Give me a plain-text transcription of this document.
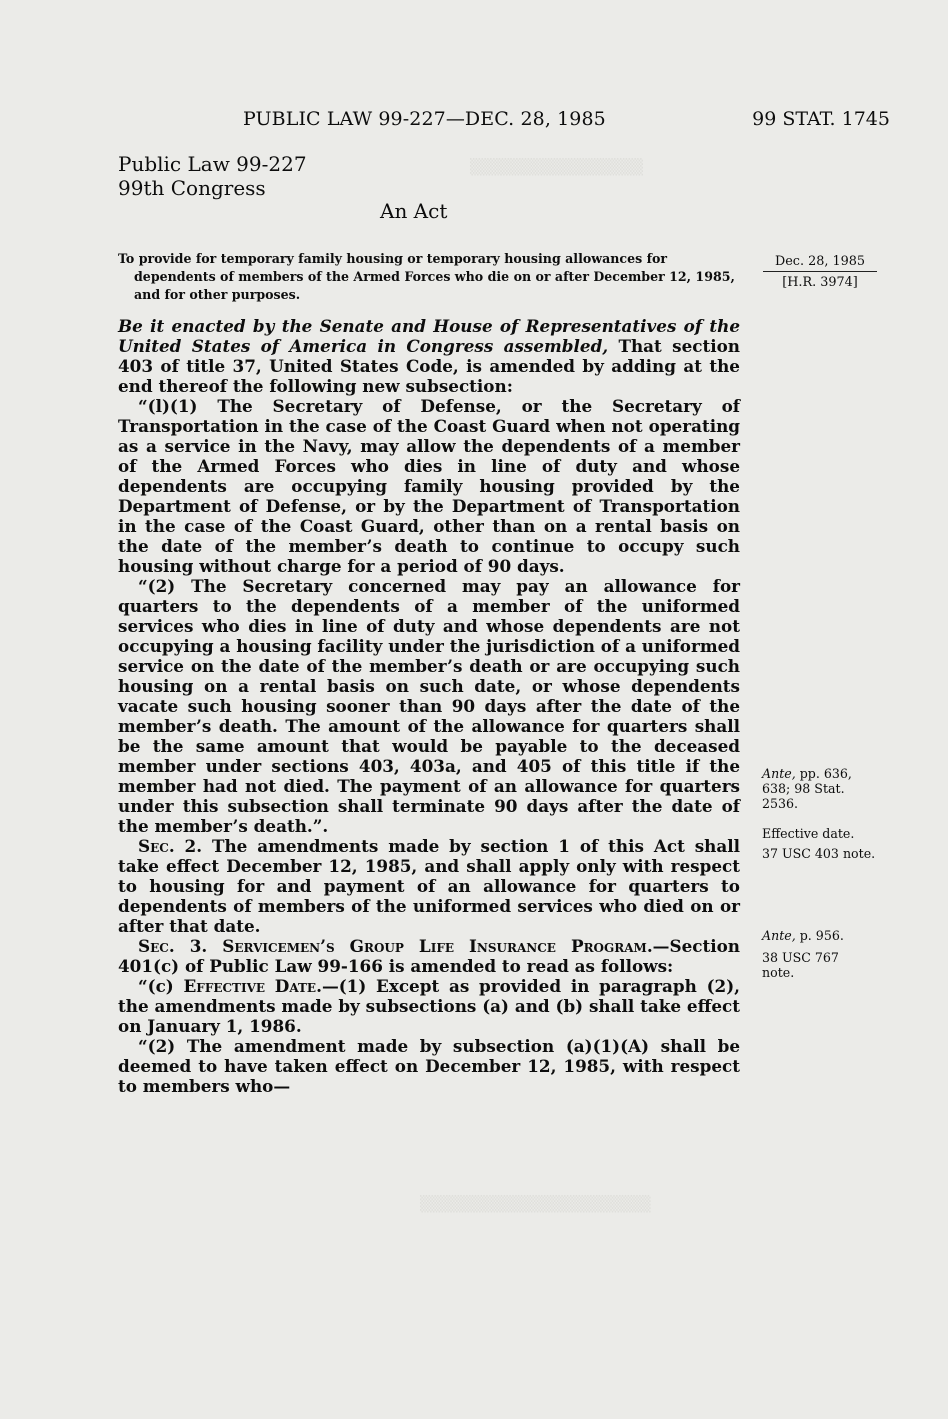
PUBLIC LAW 99-227—DEC. 28, 1985	99 STAT. 1745
Public Law 99-227
99th Congress
An Act
To provide for temporary family housing or temporary housing allowances for
dependents of members of the Armed Forces who die on or after December 12, 1985,
and for other purposes.
Dec. 28, 1985
[H.R. 3974]

Be it enacted by the Senate and House of Representatives of the United States of America in Congress assembled, That section 403 of title 37, United States Code, is amended by adding at the end thereof the following new subsection:

“(l)(1) The Secretary of Defense, or the Secretary of Transportation in the case of the Coast Guard when not operating as a service in the Navy, may allow the dependents of a member of the Armed Forces who dies in line of duty and whose dependents are occupying family housing provided by the Department of Defense, or by the Department of Transportation in the case of the Coast Guard, other than on a rental basis on the date of the member’s death to continue to occupy such housing without charge for a period of 90 days.

“(2) The Secretary concerned may pay an allowance for quarters to the dependents of a member of the uniformed services who dies in line of duty and whose dependents are not occupying a housing facility under the jurisdiction of a uniformed service on the date of the member’s death or are occupying such housing on a rental basis on such date, or whose dependents vacate such housing sooner than 90 days after the date of the member’s death. The amount of the allowance for quarters shall be the same amount that would be payable to the deceased member under sections 403, 403a, and 405 of this title if the member had not died. The payment of an allowance for quarters under this subsection shall terminate 90 days after the date of the member’s death.”.

Sec. 2. The amendments made by section 1 of this Act shall take effect December 12, 1985, and shall apply only with respect to housing for and payment of an allowance for quarters to dependents of members of the uniformed services who died on or after that date.

Sec. 3. Servicemen’s Group Life Insurance Program.—Section 401(c) of Public Law 99-166 is amended to read as follows:

“(c) Effective Date.—(1) Except as provided in paragraph (2), the amendments made by subsections (a) and (b) shall take effect on January 1, 1986.

“(2) The amendment made by subsection (a)(1)(A) shall be deemed to have taken effect on December 12, 1985, with respect to members who—

Ante, pp. 636,
638; 98 Stat.
2536.
Effective date.
37 USC 403 note.
Ante, p. 956.
38 USC 767
note.
▒▒▒▒▒▒▒▒▒▒▒▒▒▒▒
▒▒▒▒▒▒▒▒▒▒▒▒▒▒▒▒▒▒▒▒
